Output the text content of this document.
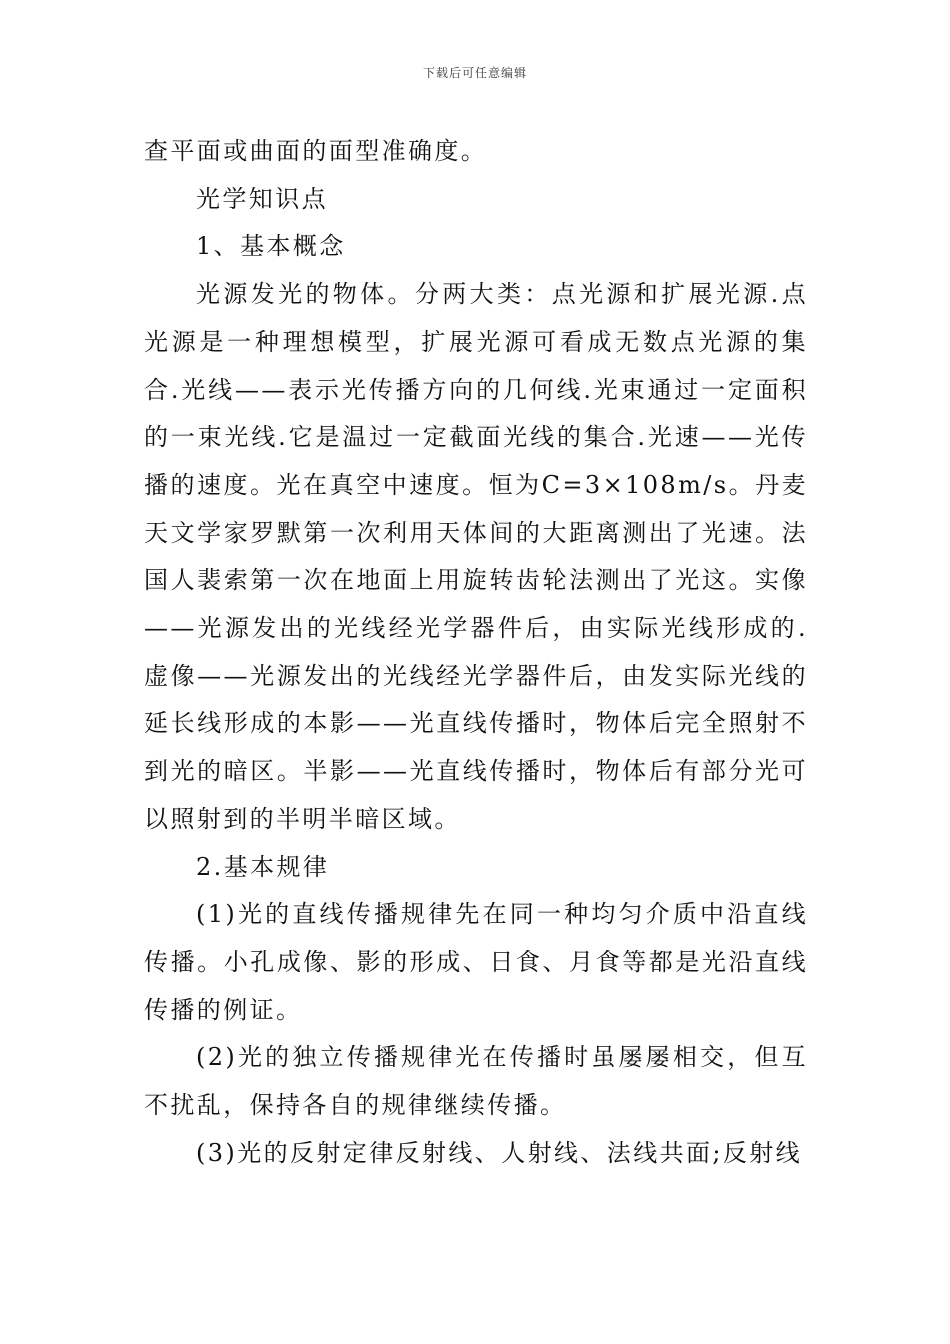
下载后可任意编辑

查平面或曲面的面型准确度。

光学知识点

1、基本概念

光源发光的物体。分两大类：点光源和扩展光源.点光源是一种理想模型，扩展光源可看成无数点光源的集合.光线——表示光传播方向的几何线.光束通过一定面积的一束光线.它是温过一定截面光线的集合.光速——光传播的速度。光在真空中速度。恒为C=3×108m/s。丹麦天文学家罗默第一次利用天体间的大距离测出了光速。法国人裴索第一次在地面上用旋转齿轮法测出了光这。实像——光源发出的光线经光学器件后，由实际光线形成的.虚像——光源发出的光线经光学器件后，由发实际光线的延长线形成的本影——光直线传播时，物体后完全照射不到光的暗区。半影——光直线传播时，物体后有部分光可以照射到的半明半暗区域。

2.基本规律

(1)光的直线传播规律先在同一种均匀介质中沿直线传播。小孔成像、影的形成、日食、月食等都是光沿直线传播的例证。

(2)光的独立传播规律光在传播时虽屡屡相交，但互不扰乱，保持各自的规律继续传播。

(3)光的反射定律反射线、人射线、法线共面;反射线
